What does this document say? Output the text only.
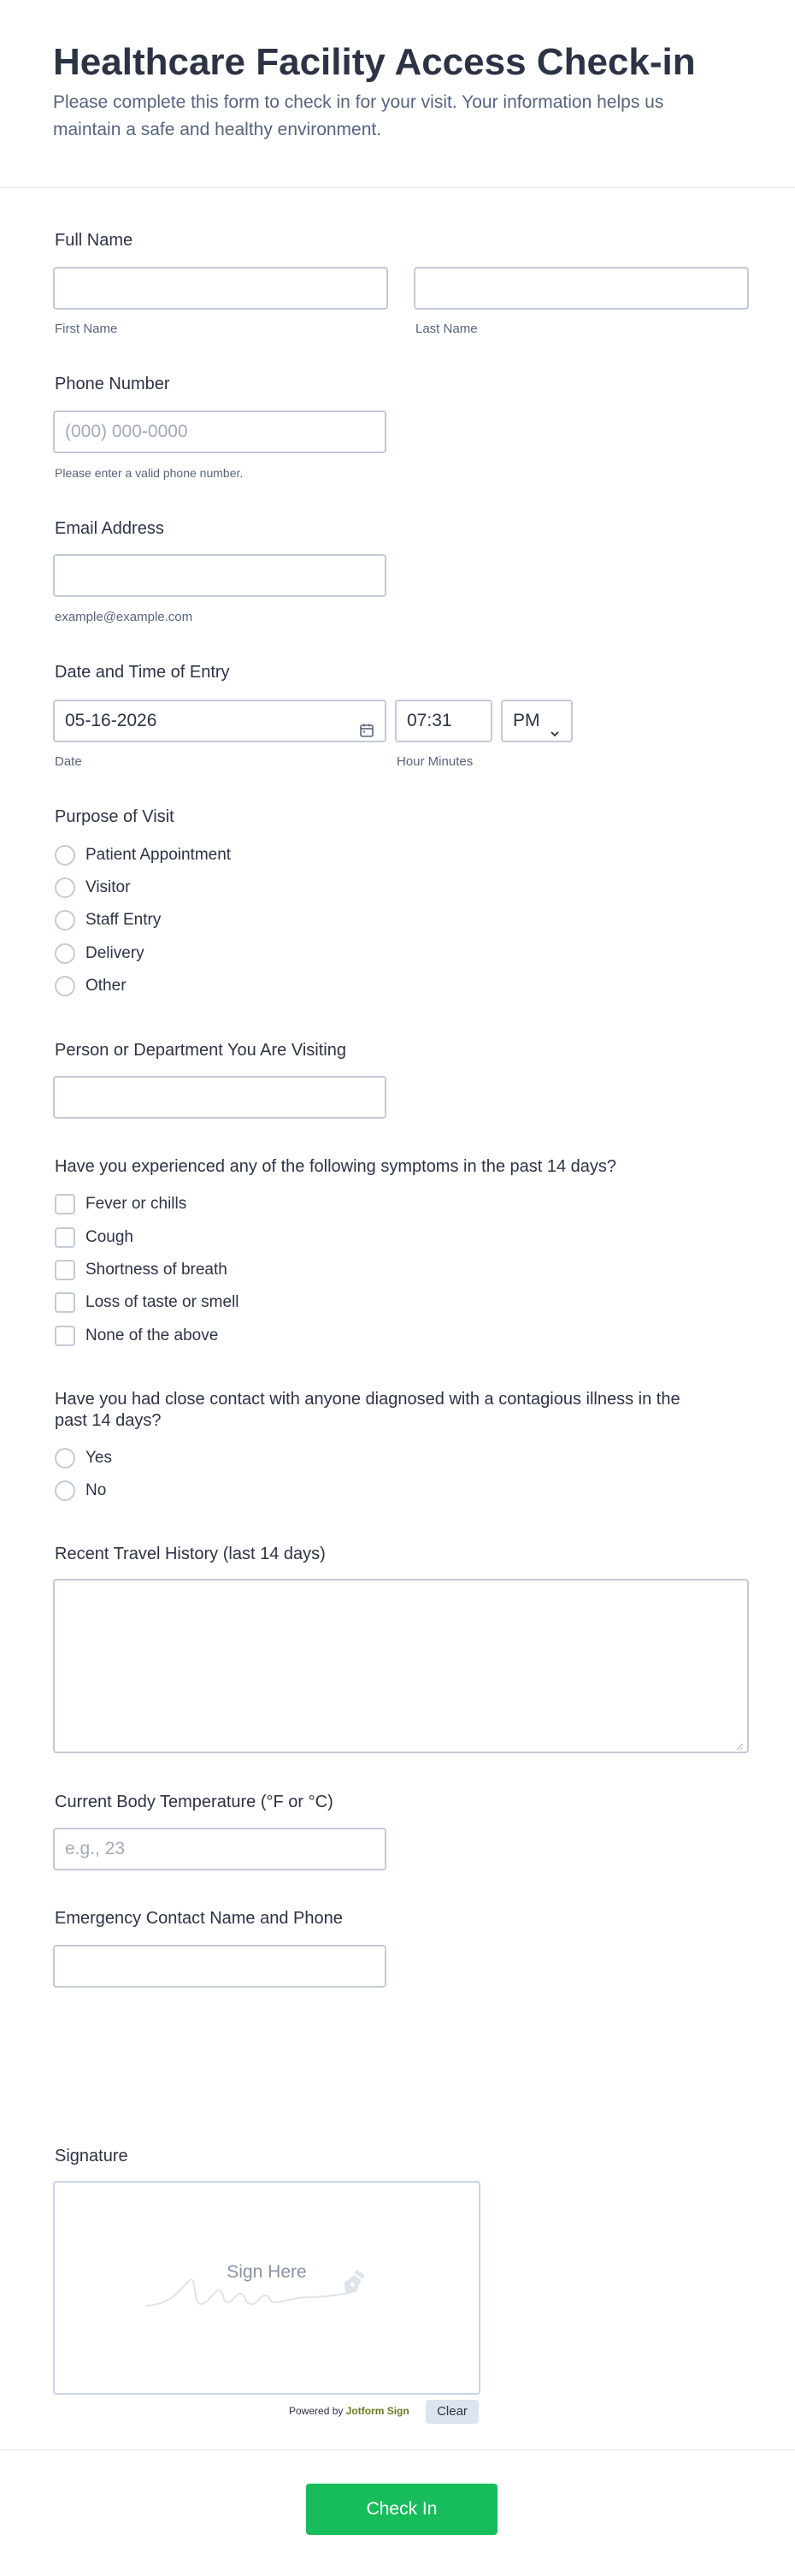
Healthcare Facility Access Check-in
Please complete this form to check in for your visit. Your information helps us maintain a safe and healthy environment.
Full Name
First Name	Last Name
Phone Number
(000) 000-0000
Please enter a valid phone number.
Email Address
example@example.com
Date and Time of Entry
05-16-2026	07:31	PM
Date	Hour Minutes
Purpose of Visit
Patient Appointment
Visitor
Staff Entry
Delivery
Other
Person or Department You Are Visiting
Have you experienced any of the following symptoms in the past 14 days?
Fever or chills
Cough
Shortness of breath
Loss of taste or smell
None of the above
Have you had close contact with anyone diagnosed with a contagious illness in the
past 14 days?
Yes
No
Recent Travel History (last 14 days)
Current Body Temperature (°F or °C)
e.g., 23
Emergency Contact Name and Phone
Signature
Sign Here
Powered by Jotform Sign	Clear
Check In
